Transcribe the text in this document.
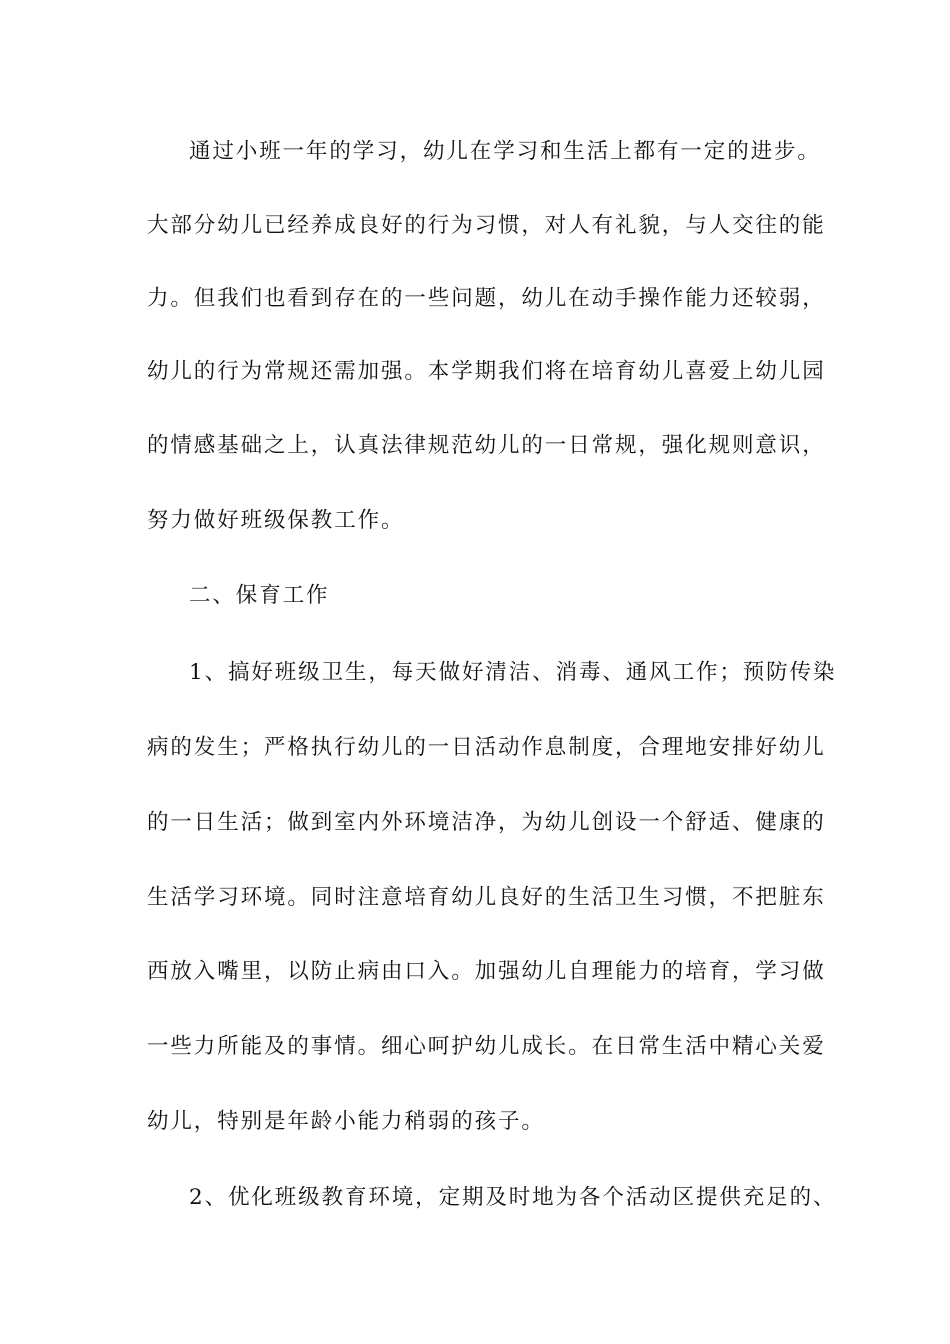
通过小班一年的学习，幼儿在学习和生活上都有一定的进步。
大部分幼儿已经养成良好的行为习惯，对人有礼貌，与人交往的能
力。但我们也看到存在的一些问题，幼儿在动手操作能力还较弱，
幼儿的行为常规还需加强。本学期我们将在培育幼儿喜爱上幼儿园
的情感基础之上，认真法律规范幼儿的一日常规，强化规则意识，
努力做好班级保教工作。
二、保育工作
1、搞好班级卫生，每天做好清洁、消毒、通风工作；预防传染
病的发生；严格执行幼儿的一日活动作息制度，合理地安排好幼儿
的一日生活；做到室内外环境洁净，为幼儿创设一个舒适、健康的
生活学习环境。同时注意培育幼儿良好的生活卫生习惯，不把脏东
西放入嘴里，以防止病由口入。加强幼儿自理能力的培育，学习做
一些力所能及的事情。细心呵护幼儿成长。在日常生活中精心关爱
幼儿，特别是年龄小能力稍弱的孩子。
2、优化班级教育环境，定期及时地为各个活动区提供充足的、
